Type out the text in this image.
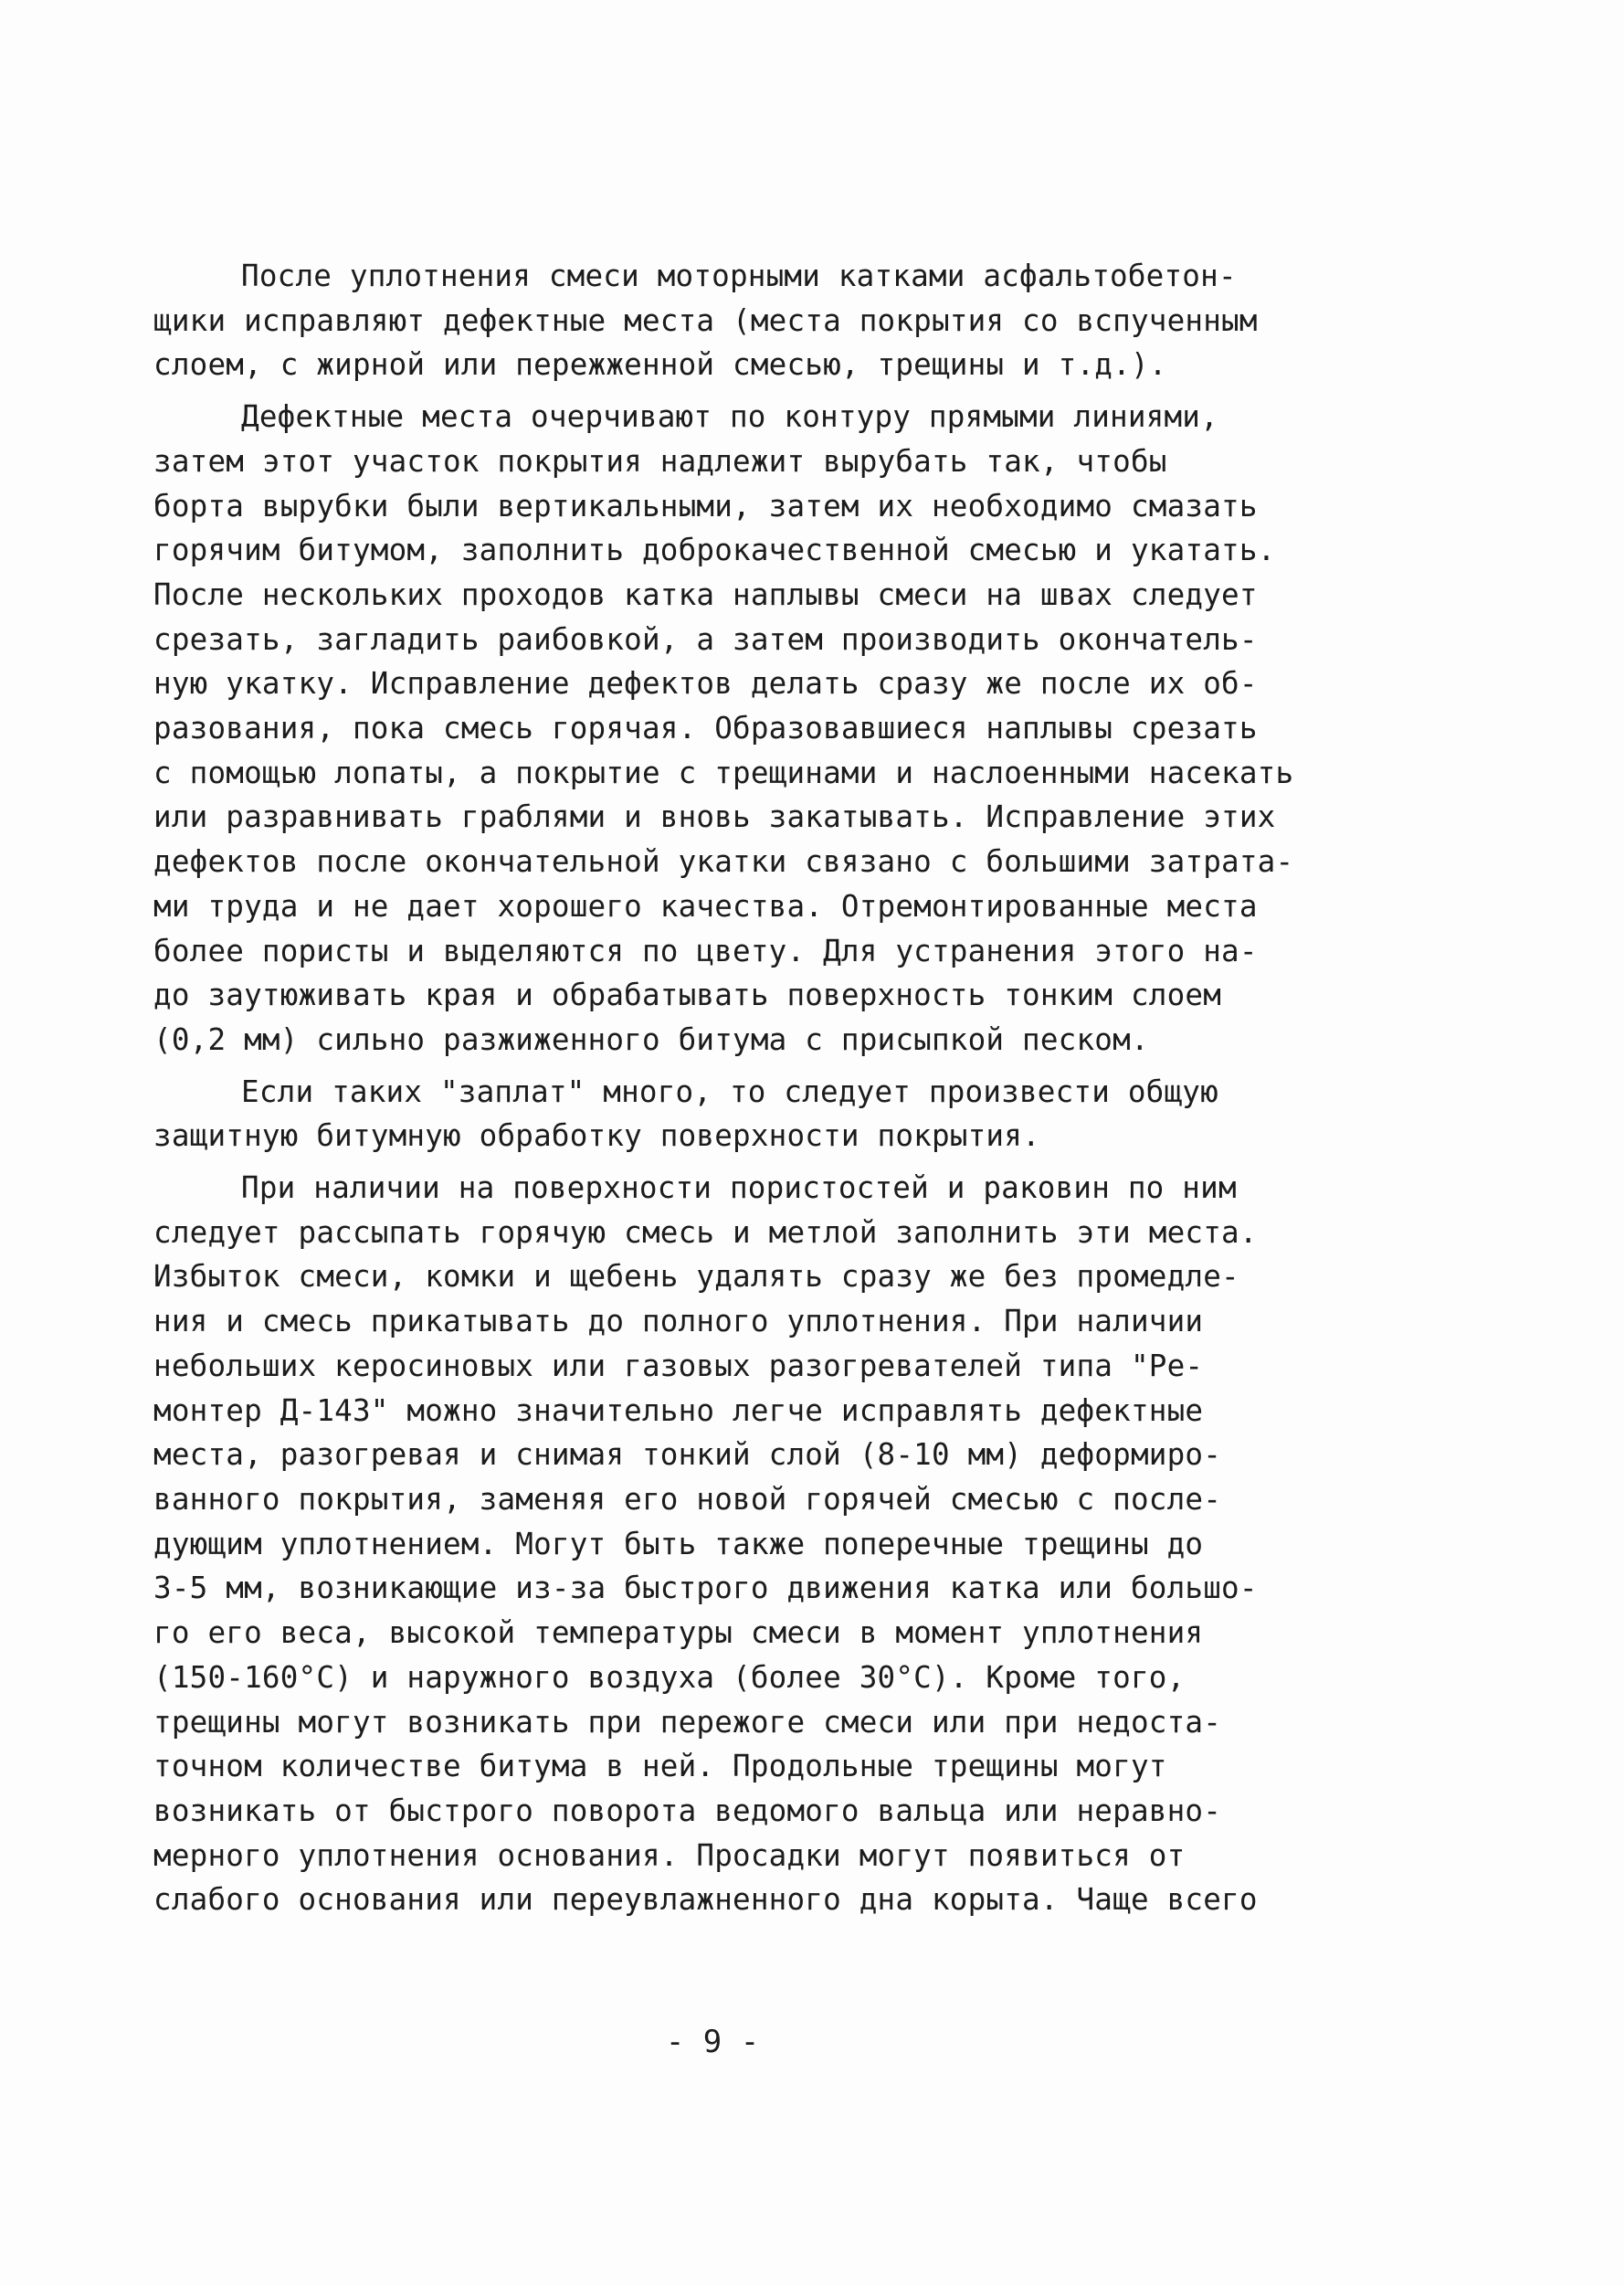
После уплотнения смеси моторными катками асфальтобетон-
щики исправляют дефектные места (места покрытия со вспученным
слоем, с жирной или пережженной смесью, трещины и т.д.).
Дефектные места очерчивают по контуру прямыми линиями,
затем этот участок покрытия надлежит вырубать так, чтобы
борта вырубки были вертикальными, затем их необходимо смазать
горячим битумом, заполнить доброкачественной смесью и укатать.
После нескольких проходов катка наплывы смеси на швах следует
срезать, загладить раибовкой, а затем производить окончатель-
ную укатку. Исправление дефектов делать сразу же после их об-
разования, пока смесь горячая. Образовавшиеся наплывы срезать
с помощью лопаты, а покрытие с трещинами и наслоенными насекать
или разравнивать граблями и вновь закатывать. Исправление этих
дефектов после окончательной укатки связано с большими затрата-
ми труда и не дает хорошего качества. Отремонтированные места
более пористы и выделяются по цвету. Для устранения этого на-
до заутюживать края и обрабатывать поверхность тонким слоем
(0,2 мм) сильно разжиженного битума с присыпкой песком.
Если таких "заплат" много, то следует произвести общую
защитную битумную обработку поверхности покрытия.
При наличии на поверхности пористостей и раковин по ним
следует рассыпать горячую смесь и метлой заполнить эти места.
Избыток смеси, комки и щебень удалять сразу же без промедле-
ния и смесь прикатывать до полного уплотнения. При наличии
небольших керосиновых или газовых разогревателей типа "Ре-
монтер Д-143" можно значительно легче исправлять дефектные
места, разогревая и снимая тонкий слой (8-10 мм) деформиро-
ванного покрытия, заменяя его новой горячей смесью с после-
дующим уплотнением. Могут быть также поперечные трещины до
3-5 мм, возникающие из-за быстрого движения катка или большо-
го его веса, высокой температуры смеси в момент уплотнения
(150-160°С) и наружного воздуха (более 30°С). Кроме того,
трещины могут возникать при пережоге смеси или при недоста-
точном количестве битума в ней. Продольные трещины могут
возникать от быстрого поворота ведомого вальца или неравно-
мерного уплотнения основания. Просадки могут появиться от
слабого основания или переувлажненного дна корыта. Чаще всего
- 9 -
